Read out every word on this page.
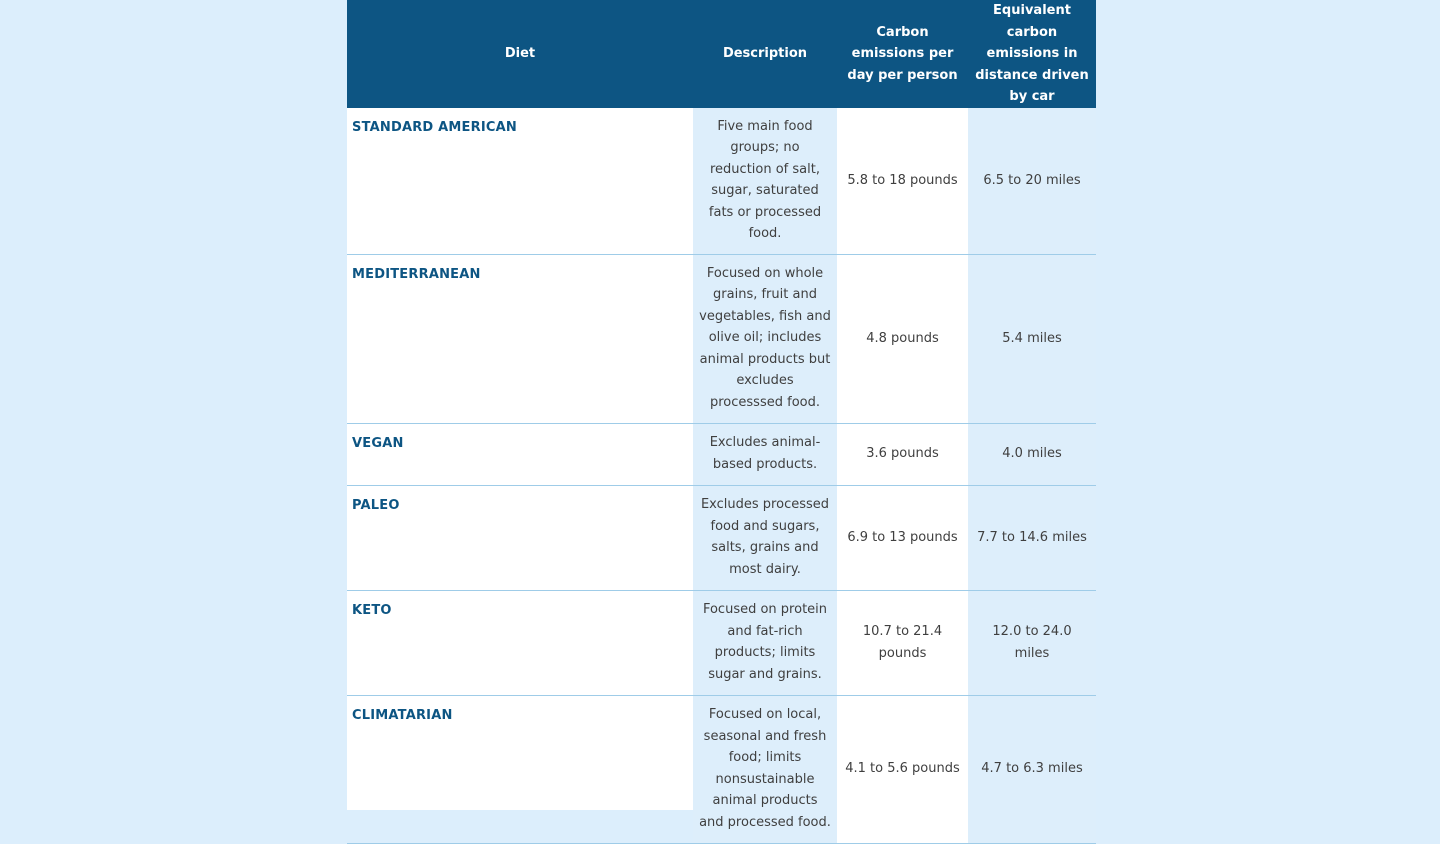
Diet	Description	Carbon emissions per day per person	Equivalent carbon emissions in distance driven by car
STANDARD AMERICAN	Five main food groups; no reduction of salt, sugar, saturated fats or processed food.	5.8 to 18 pounds	6.5 to 20 miles
MEDITERRANEAN	Focused on whole grains, fruit and vegetables, fish and olive oil; includes animal products but excludes processsed food.	4.8 pounds	5.4 miles
VEGAN	Excludes animal-based products.	3.6 pounds	4.0 miles
PALEO	Excludes processed food and sugars, salts, grains and most dairy.	6.9 to 13 pounds	7.7 to 14.6 miles
KETO	Focused on protein and fat-rich products; limits sugar and grains.	10.7 to 21.4 pounds	12.0 to 24.0 miles
CLIMATARIAN	Focused on local, seasonal and fresh food; limits nonsustainable animal products and processed food.	4.1 to 5.6 pounds	4.7 to 6.3 miles
